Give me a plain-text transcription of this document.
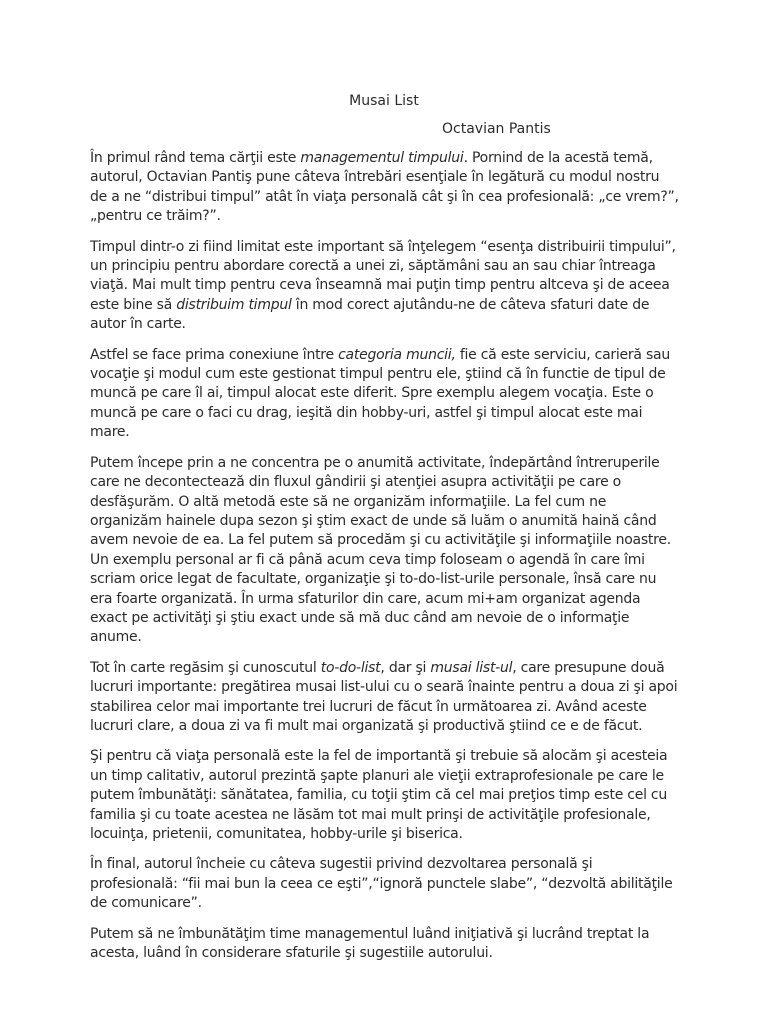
Musai List
Octavian Pantis

În primul rând tema cărţii este managementul timpului. Pornind de la acestă temă, autorul, Octavian Pantiş pune câteva întrebări esenţiale în legătură cu modul nostru de a ne “distribui timpul” atât în viaţa personală cât şi în cea profesională: „ce vrem?”, „pentru ce trăim?”.

Timpul dintr-o zi fiind limitat este important să înţelegem “esenţa distribuirii timpului”, un principiu pentru abordare corectă a unei zi, săptămâni sau an sau chiar întreaga viaţă. Mai mult timp pentru ceva înseamnă mai puţin timp pentru altceva şi de aceea este bine să distribuim timpul în mod corect ajutându-ne de câteva sfaturi date de autor în carte.

Astfel se face prima conexiune între categoria muncii, fie că este serviciu, carieră sau vocaţie şi modul cum este gestionat timpul pentru ele, ştiind că în functie de tipul de muncă pe care îl ai, timpul alocat este diferit. Spre exemplu alegem vocaţia. Este o muncă pe care o faci cu drag, ieşită din hobby-uri, astfel şi timpul alocat este mai mare.

Putem începe prin a ne concentra pe o anumită activitate, îndepărtând întreruperile care ne decontectează din fluxul gândirii şi atenţiei asupra activităţii pe care o desfăşurăm. O altă metodă este să ne organizăm informaţiile. La fel cum ne organizăm hainele dupa sezon şi ştim exact de unde să luăm o anumită haină când avem nevoie de ea. La fel putem să procedăm şi cu activităţile şi informaţiile noastre. Un exemplu personal ar fi că până acum ceva timp foloseam o agendă în care îmi scriam orice legat de facultate, organizaţie şi to-do-list-urile personale, însă care nu era foarte organizată. În urma sfaturilor din care, acum mi+am organizat agenda exact pe activităţi şi ştiu exact unde să mă duc când am nevoie de o informaţie anume.

Tot în carte regăsim şi cunoscutul to-do-list, dar şi musai list-ul, care presupune două lucruri importante: pregătirea musai list-ului cu o seară înainte pentru a doua zi şi apoi stabilirea celor mai importante trei lucruri de făcut în următoarea zi. Având aceste lucruri clare, a doua zi va fi mult mai organizată şi productivă ştiind ce e de făcut.

Şi pentru că viaţa personală este la fel de importantă şi trebuie să alocăm şi acesteia un timp calitativ, autorul prezintă şapte planuri ale vieţii extraprofesionale pe care le putem îmbunătăţi: sănătatea, familia, cu toţii ştim că cel mai preţios timp este cel cu familia şi cu toate acestea ne lăsăm tot mai mult prinşi de activităţile profesionale, locuinţa, prietenii, comunitatea, hobby-urile şi biserica.

În final, autorul încheie cu câteva sugestii privind dezvoltarea personală şi profesională: “fii mai bun la ceea ce eşti”,“ignoră punctele slabe”, “dezvoltă abilităţile de comunicare”.

Putem să ne îmbunătăţim time managementul luând iniţiativă şi lucrând treptat la acesta, luând în considerare sfaturile şi sugestiile autorului.
